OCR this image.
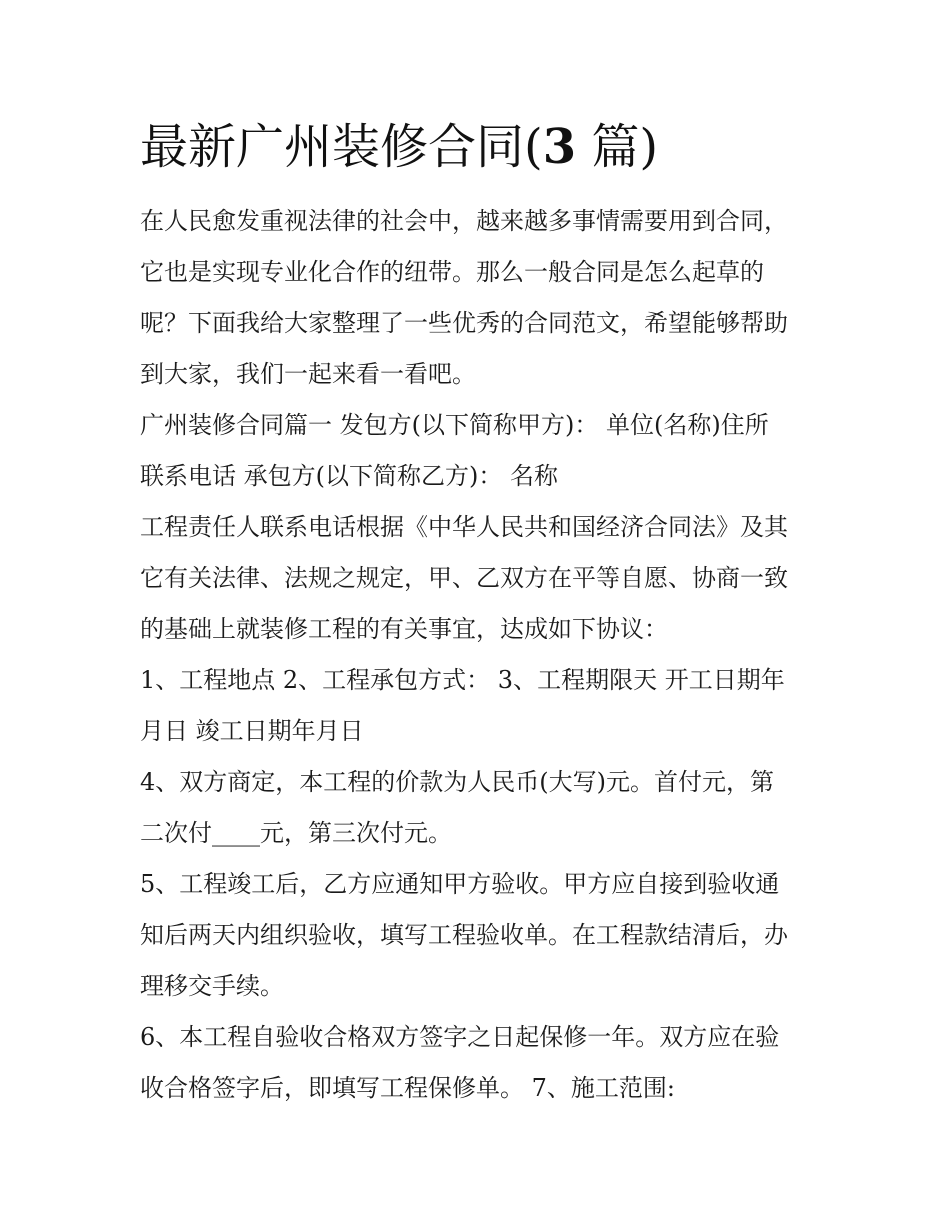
最新广州装修合同(3 篇)
在人民愈发重视法律的社会中，越来越多事情需要用到合同，
它也是实现专业化合作的纽带。那么一般合同是怎么起草的
呢？下面我给大家整理了一些优秀的合同范文，希望能够帮助
到大家，我们一起来看一看吧。
广州装修合同篇一 发包方(以下简称甲方)： 单位(名称)住所
联系电话 承包方(以下简称乙方)： 名称
工程责任人联系电话根据《中华人民共和国经济合同法》及其
它有关法律、法规之规定，甲、乙双方在平等自愿、协商一致
的基础上就装修工程的有关事宜，达成如下协议：
1、工程地点 2、工程承包方式： 3、工程期限天 开工日期年
月日 竣工日期年月日
4、双方商定，本工程的价款为人民币(大写)元。首付元，第
二次付____元，第三次付元。
5、工程竣工后，乙方应通知甲方验收。甲方应自接到验收通
知后两天内组织验收，填写工程验收单。在工程款结清后，办
理移交手续。
6、本工程自验收合格双方签字之日起保修一年。双方应在验
收合格签字后，即填写工程保修单。 7、施工范围:
